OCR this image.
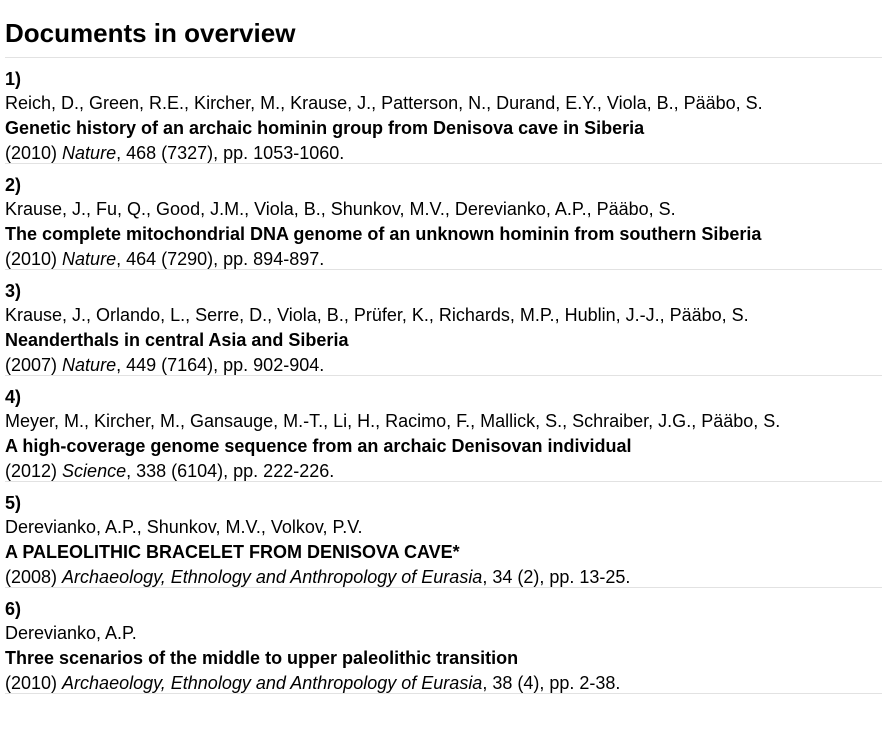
Documents in overview
1)
Reich, D., Green, R.E., Kircher, M., Krause, J., Patterson, N., Durand, E.Y., Viola, B., Pääbo, S.
Genetic history of an archaic hominin group from Denisova cave in Siberia
(2010) Nature, 468 (7327), pp. 1053-1060.
2)
Krause, J., Fu, Q., Good, J.M., Viola, B., Shunkov, M.V., Derevianko, A.P., Pääbo, S.
The complete mitochondrial DNA genome of an unknown hominin from southern Siberia
(2010) Nature, 464 (7290), pp. 894-897.
3)
Krause, J., Orlando, L., Serre, D., Viola, B., Prüfer, K., Richards, M.P., Hublin, J.-J., Pääbo, S.
Neanderthals in central Asia and Siberia
(2007) Nature, 449 (7164), pp. 902-904.
4)
Meyer, M., Kircher, M., Gansauge, M.-T., Li, H., Racimo, F., Mallick, S., Schraiber, J.G., Pääbo, S.
A high-coverage genome sequence from an archaic Denisovan individual
(2012) Science, 338 (6104), pp. 222-226.
5)
Derevianko, A.P., Shunkov, M.V., Volkov, P.V.
A PALEOLITHIC BRACELET FROM DENISOVA CAVE*
(2008) Archaeology, Ethnology and Anthropology of Eurasia, 34 (2), pp. 13-25.
6)
Derevianko, A.P.
Three scenarios of the middle to upper paleolithic transition
(2010) Archaeology, Ethnology and Anthropology of Eurasia, 38 (4), pp. 2-38.
